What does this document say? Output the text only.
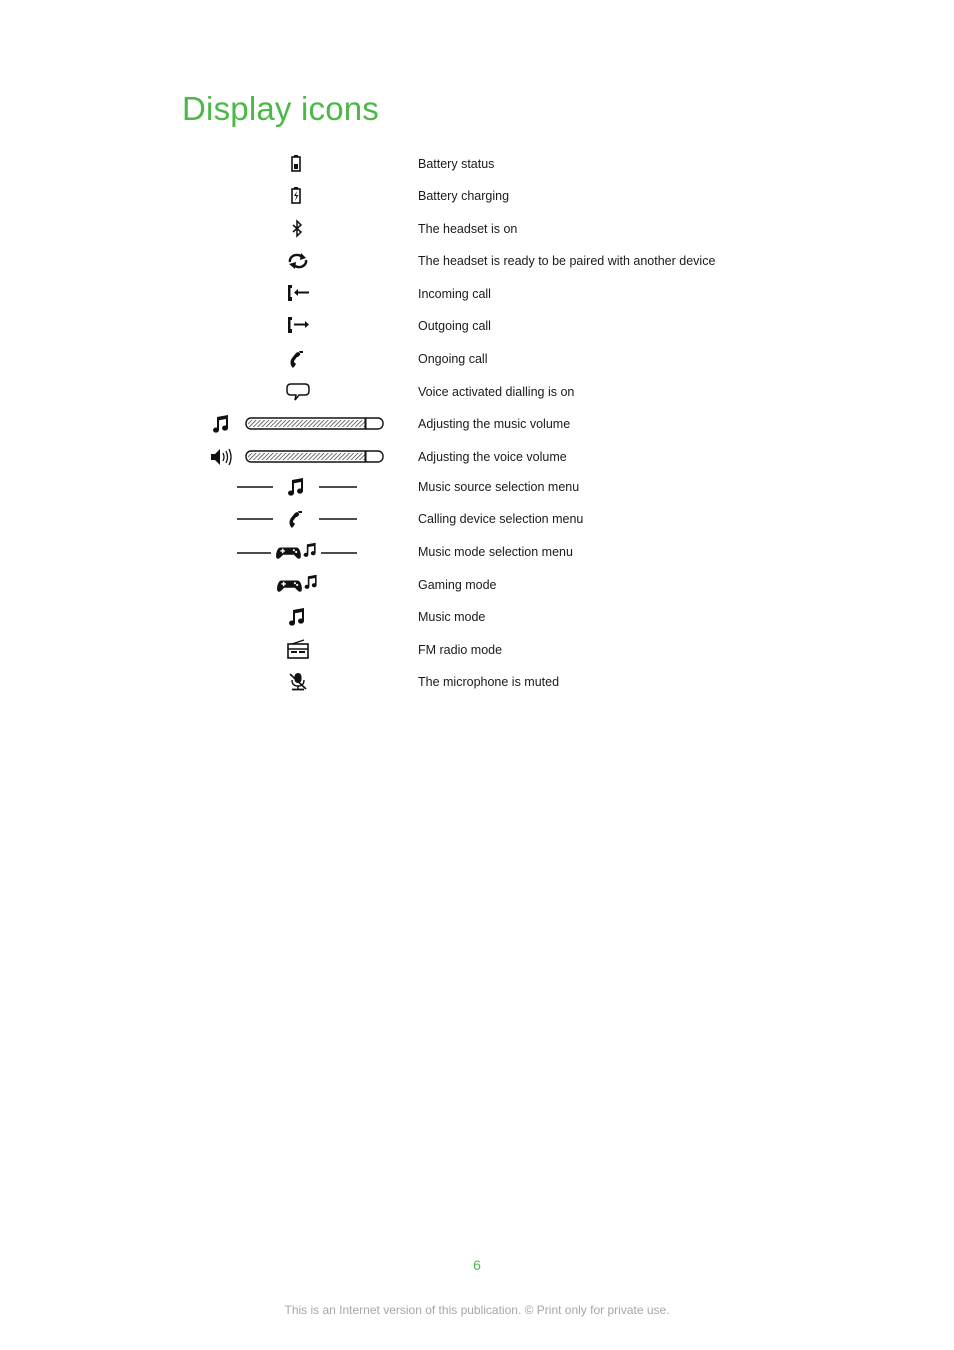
Display icons
Battery status
Battery charging
The headset is on
The headset is ready to be paired with another device
Incoming call
Outgoing call
Ongoing call
Voice activated dialling is on
Adjusting the music volume
Adjusting the voice volume
Music source selection menu
Calling device selection menu
Music mode selection menu
Gaming mode
Music mode
FM radio mode
The microphone is muted
6
This is an Internet version of this publication. © Print only for private use.
